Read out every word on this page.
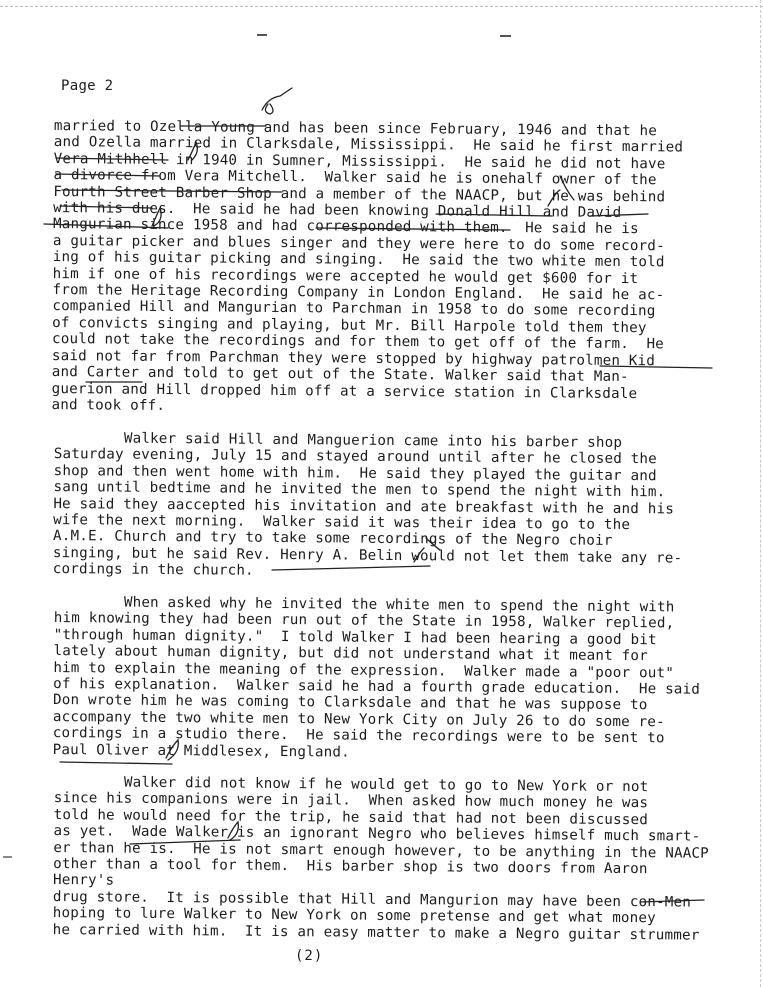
Page 2

married to Ozella Young and has been since February, 1946 and that he
and Ozella married in Clarksdale, Mississippi.  He said he first married
Vera Mithhell in 1940 in Sumner, Mississippi.  He said he did not have
a divorce from Vera Mitchell.  Walker said he is onehalf owner of the
Fourth Street Barber Shop and a member of the NAACP, but he was behind
with his dues.  He said he had been knowing Donald Hill and David
Mangurian since 1958 and had corresponded with them.  He said he is
a guitar picker and blues singer and they were here to do some record-
ing of his guitar picking and singing.  He said the two white men told
him if one of his recordings were accepted he would get $600 for it
from the Heritage Recording Company in London England.  He said he ac-
companied Hill and Mangurian to Parchman in 1958 to do some recording
of convicts singing and playing, but Mr. Bill Harpole told them they
could not take the recordings and for them to get off of the farm.  He
said not far from Parchman they were stopped by highway patrolmen Kid
and Carter and told to get out of the State. Walker said that Man-
guerion and Hill dropped him off at a service station in Clarksdale
and took off.

Walker said Hill and Manguerion came into his barber shop
Saturday evening, July 15 and stayed around until after he closed the
shop and then went home with him.  He said they played the guitar and
sang until bedtime and he invited the men to spend the night with him.
He said they aaccepted his invitation and ate breakfast with he and his
wife the next morning.  Walker said it was their idea to go to the
A.M.E. Church and try to take some recordings of the Negro choir
singing, but he said Rev. Henry A. Belin would not let them take any re-
cordings in the church.

When asked why he invited the white men to spend the night with
him knowing they had been run out of the State in 1958, Walker replied,
"through human dignity."  I told Walker I had been hearing a good bit
lately about human dignity, but did not understand what it meant for
him to explain the meaning of the expression.  Walker made a "poor out"
of his explanation.  Walker said he had a fourth grade education.  He said
Don wrote him he was coming to Clarksdale and that he was suppose to
accompany the two white men to New York City on July 26 to do some re-
cordings in a studio there.  He said the recordings were to be sent to
Paul Oliver at Middlesex, England.

Walker did not know if he would get to go to New York or not
since his companions were in jail.  When asked how much money he was
told he would need for the trip, he said that had not been discussed
as yet.  Wade Walker is an ignorant Negro who believes himself much smart-
er than he is.  He is not smart enough however, to be anything in the NAACP
other than a tool for them.  His barber shop is two doors from Aaron Henry's
drug store.  It is possible that Hill and Mangurion may have been con-Men
hoping to lure Walker to New York on some pretense and get what money
he carried with him.  It is an easy matter to make a Negro guitar strummer

(2)
